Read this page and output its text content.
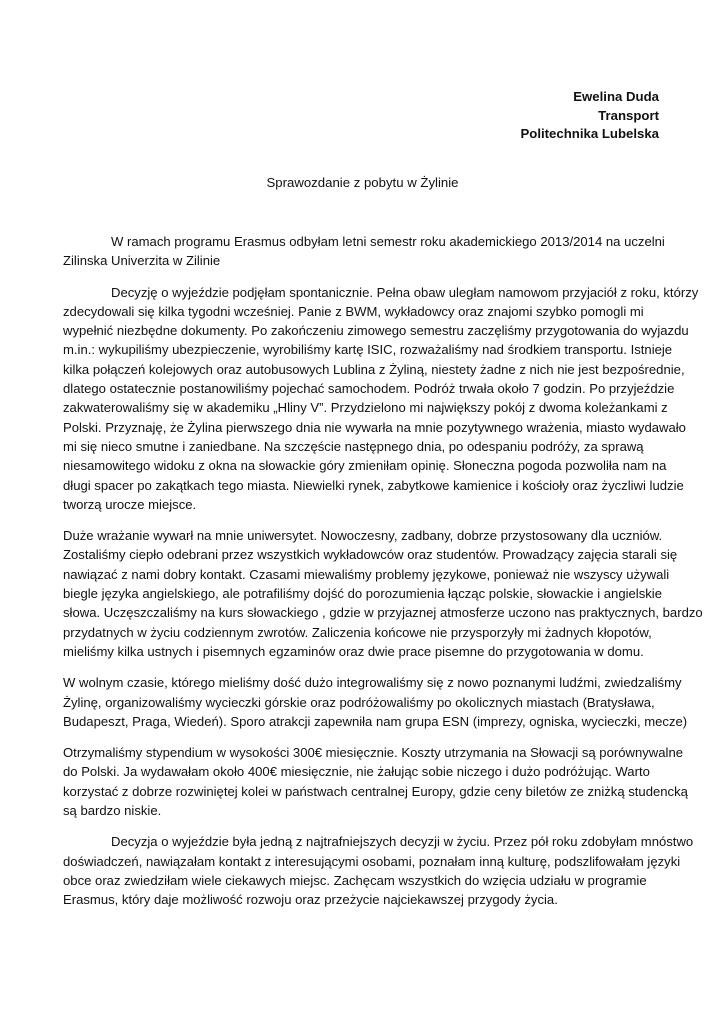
Ewelina Duda
Transport
Politechnika Lubelska
Sprawozdanie z pobytu w Żylinie

W ramach programu Erasmus odbyłam letni semestr roku akademickiego 2013/2014 na uczelni
Zilinska Univerzita w Zilinie

Decyzję o wyjeździe podjęłam spontanicznie. Pełna obaw uległam namowom przyjaciół z roku, którzy
zdecydowali się kilka tygodni wcześniej. Panie z BWM, wykładowcy oraz znajomi szybko pomogli mi
wypełnić niezbędne dokumenty. Po zakończeniu zimowego semestru zaczęliśmy przygotowania do wyjazdu
m.in.: wykupiliśmy ubezpieczenie, wyrobiliśmy kartę ISIC, rozważaliśmy nad środkiem transportu. Istnieje
kilka połączeń kolejowych oraz autobusowych Lublina z Żyliną, niestety żadne z nich nie jest bezpośrednie,
dlatego ostatecznie postanowiliśmy pojechać samochodem. Podróż trwała około 7 godzin. Po przyjeździe
zakwaterowaliśmy się w akademiku „Hliny V”. Przydzielono mi największy pokój z dwoma koleżankami z
Polski. Przyznaję, że Żylina pierwszego dnia nie wywarła na mnie pozytywnego wrażenia, miasto wydawało
mi się nieco smutne i zaniedbane. Na szczęście następnego dnia, po odespaniu podróży, za sprawą
niesamowitego widoku z okna na słowackie góry zmieniłam opinię. Słoneczna pogoda pozwoliła nam na
długi spacer po zakątkach tego miasta. Niewielki rynek, zabytkowe kamienice i kościoły oraz życzliwi ludzie
tworzą urocze miejsce.

Duże wrażanie wywarł na mnie uniwersytet. Nowoczesny, zadbany, dobrze przystosowany dla uczniów.
Zostaliśmy ciepło odebrani przez wszystkich wykładowców oraz studentów. Prowadzący zajęcia starali się
nawiązać z nami dobry kontakt. Czasami miewaliśmy problemy językowe, ponieważ nie wszyscy używali
biegle języka angielskiego, ale potrafiliśmy dojść do porozumienia łącząc polskie, słowackie i angielskie
słowa. Uczęszczaliśmy na kurs słowackiego , gdzie w przyjaznej atmosferze uczono nas praktycznych, bardzo
przydatnych w życiu codziennym zwrotów. Zaliczenia końcowe nie przysporzyły mi żadnych kłopotów,
mieliśmy kilka ustnych i pisemnych egzaminów oraz dwie prace pisemne do przygotowania w domu.

W wolnym czasie, którego mieliśmy dość dużo integrowaliśmy się z nowo poznanymi ludźmi, zwiedzaliśmy
Żylinę, organizowaliśmy wycieczki górskie oraz podróżowaliśmy po okolicznych miastach (Bratysława,
Budapeszt, Praga, Wiedeń). Sporo atrakcji zapewniła nam grupa ESN (imprezy, ogniska, wycieczki, mecze)

Otrzymaliśmy stypendium w wysokości 300€ miesięcznie. Koszty utrzymania na Słowacji są porównywalne
do Polski. Ja wydawałam około 400€ miesięcznie, nie żałując sobie niczego i dużo podróżując. Warto
korzystać z dobrze rozwiniętej kolei w państwach centralnej Europy, gdzie ceny biletów ze zniżką studencką
są bardzo niskie.

Decyzja o wyjeździe była jedną z najtrafniejszych decyzji w życiu. Przez pół roku zdobyłam mnóstwo
doświadczeń, nawiązałam kontakt z interesującymi osobami, poznałam inną kulturę, podszlifowałam języki
obce oraz zwiedziłam wiele ciekawych miejsc. Zachęcam wszystkich do wzięcia udziału w programie
Erasmus, który daje możliwość rozwoju oraz przeżycie najciekawszej przygody życia.
